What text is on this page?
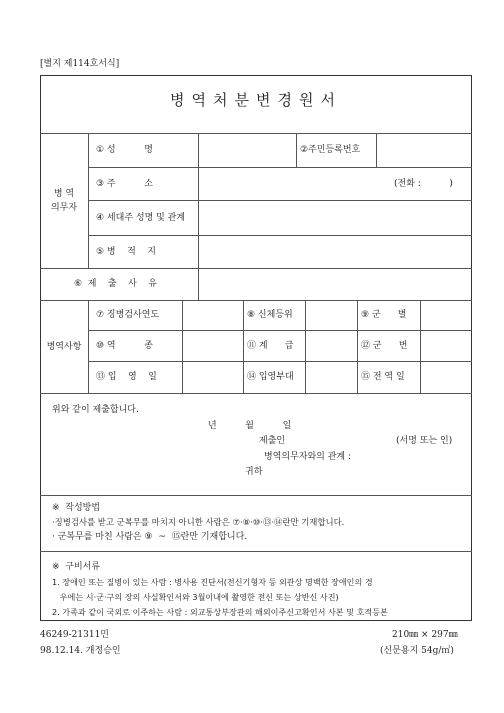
[별지 제114호서식]
병역처분변경원서
병 역
의무자
① 성          명	②주민등록번호
③ 주          소	(전화 :          )
④ 세대주 성명 및 관계
⑤ 병    적    지
⑥  제    출    사    유
병역사항
⑦ 징병검사연도	⑧ 신체등위	⑨ 군      별
⑩ 역          종	⑪ 계      급	⑫ 군      번
⑬ 입    영    일	⑭ 입영부대	⑮ 전 역 일
위와 같이 제출합니다.
년          월          일
제출인	(서명 또는 인)
병역의무자와의 관계 :
귀하
※  작성방법
·징병검사를 받고 군복무를 마치지 아니한 사람은 ⑦·⑧·⑩·⑬·⑭란만 기재합니다.
· 군복무를 마친 사람은 ⑨  ~  ⑮란만 기재합니다.
※  구비서류
1. 장애인 또는 질병이 있는 사람 : 병사용 진단서(전신기형자 등 외관상 명백한 장애인의 경
우에는 시·군·구의 장의 사실확인서와 3월이내에 촬영한 전신 또는 상반신 사진)
2. 가족과 같이 국외로 이주하는 사람 : 외교통상부장관의 해외이주신고확인서 사본 및 호적등본
46249-21311민
98.12.14. 개정승인
210㎜ × 297㎜
(신문용지 54g/㎡)
